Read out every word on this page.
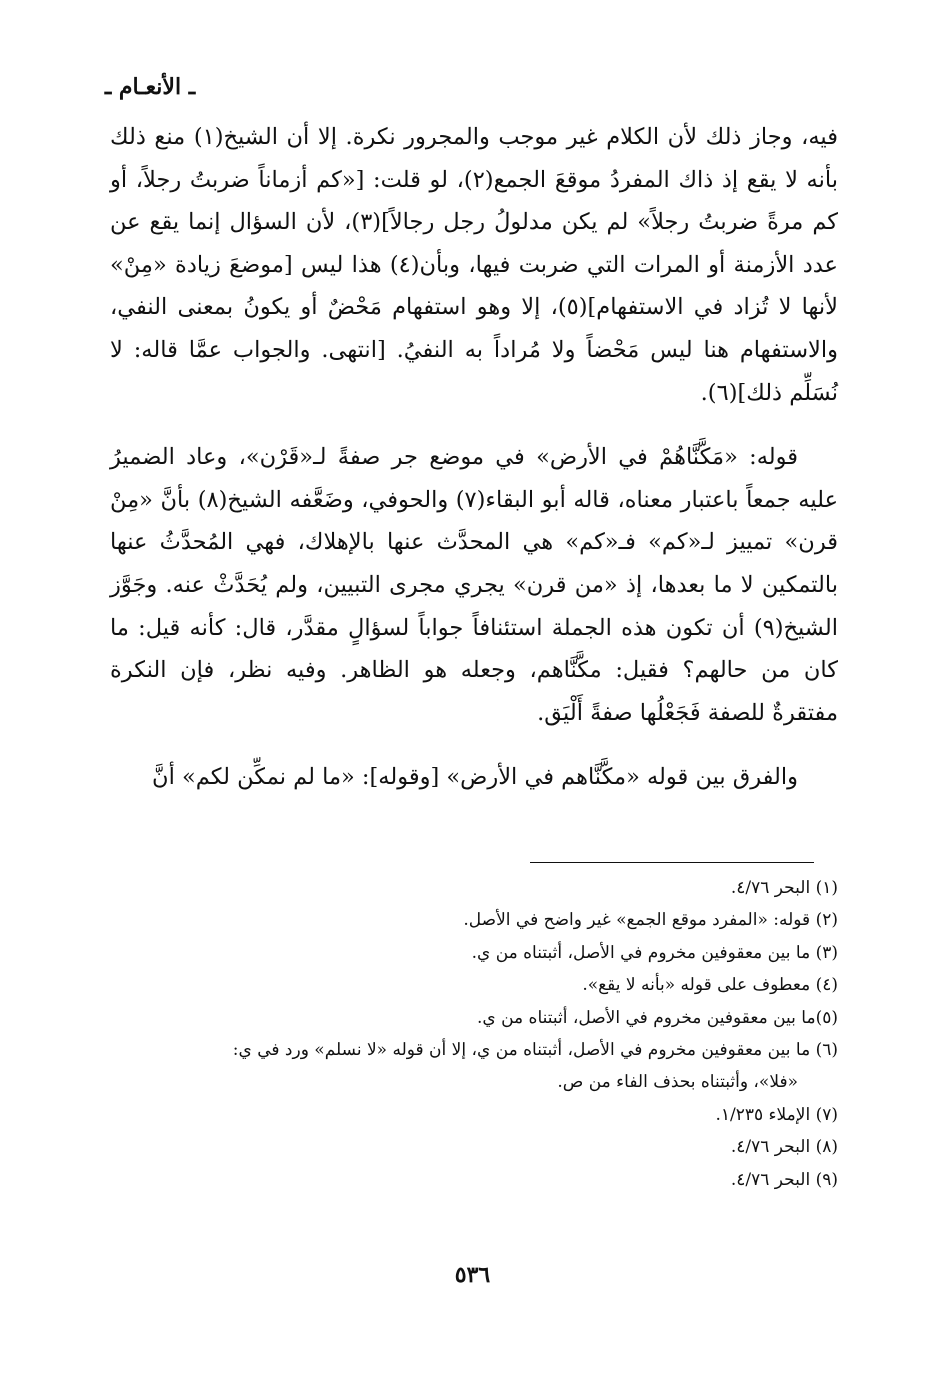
ـ الأنعـام ـ

فيه، وجاز ذلك لأن الكلام غير موجب والمجرور نكرة. إلا أن الشيخ(١) منع ذلك بأنه لا يقع إذ ذاك المفردُ موقعَ الجمع(٢)، لو قلت: [«كم أزماناً ضربتُ رجلاً، أو كم مرةً ضربتُ رجلاً» لم يكن مدلولُ رجل رجالاً](٣)، لأن السؤال إنما يقع عن عدد الأزمنة أو المرات التي ضربت فيها، وبأن(٤) هذا ليس [موضعَ زيادة «مِنْ» لأنها لا تُزاد في الاستفهام](٥)، إلا وهو استفهام مَحْضٌ أو يكونُ بمعنى النفي، والاستفهام هنا ليس مَحْضاً ولا مُراداً به النفيُ. [انتهى. والجواب عمَّا قاله: لا نُسَلِّم ذلك](٦).

قوله: «مَكَّنَّاهُمْ في الأرض» في موضع جر صفةً لـ«قَرْن»، وعاد الضميرُ عليه جمعاً باعتبار معناه، قاله أبو البقاء(٧) والحوفي، وضَعَّفه الشيخ(٨) بأنَّ «مِنْ قرن» تمييز لـ«كم» فـ«كم» هي المحدَّث عنها بالإهلاك، فهي المُحدَّثُ عنها بالتمكين لا ما بعدها، إذ «من قرن» يجري مجرى التبيين، ولم يُحَدَّثْ عنه. وجَوَّز الشيخ(٩) أن تكون هذه الجملة استئنافاً جواباً لسؤالٍ مقدَّر، قال: كأنه قيل: ما كان من حالهم؟ فقيل: مكَّنَّاهم، وجعله هو الظاهر. وفيه نظر، فإن النكرة مفتقرةٌ للصفة فَجَعْلُها صفةً أَلْيَق.

والفرق بين قوله «مكَّنَّاهم في الأرض» [وقوله]: «ما لم نمكِّن لكم» أنَّ

(١) البحر ٤/٧٦.

(٢) قوله: «المفرد موقع الجمع» غير واضح في الأصل.

(٣) ما بين معقوفين مخروم في الأصل، أثبتناه من ي.

(٤) معطوف على قوله «بأنه لا يقع».

(٥)ما بين معقوفين مخروم في الأصل، أثبتناه من ي.

(٦) ما بين معقوفين مخروم في الأصل، أثبتناه من ي، إلا أن قوله «لا نسلم» ورد في ي:

«فلا»، وأثبتناه بحذف الفاء من ص.

(٧) الإملاء ١/٢٣٥.

(٨) البحر ٤/٧٦.

(٩) البحر ٤/٧٦.

٥٣٦
